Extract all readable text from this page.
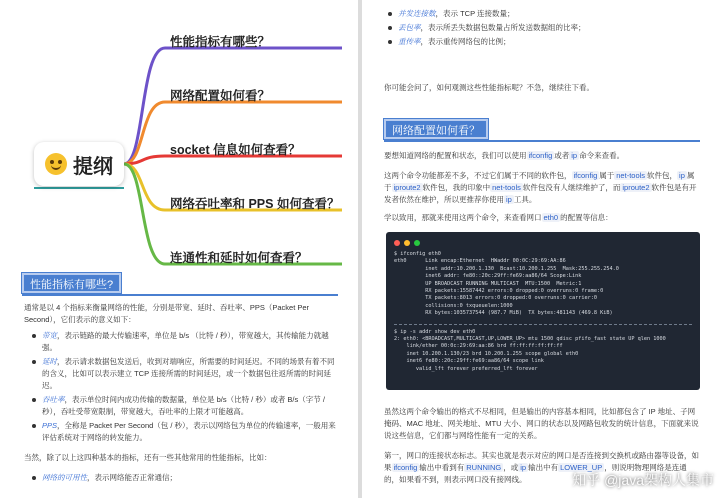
提纲
性能指标有哪些？
网络配置如何看？
socket 信息如何查看？
网络吞吐率和 PPS 如何查看？
连通性和延时如何查看？
性能指标有哪些?

通常是以 4 个指标来衡量网络的性能，分别是带宽、延时、吞吐率、PPS（Packet Per Second），它们表示的意义如下：

带宽，表示链路的最大传输速率，单位是 b/s （比特 / 秒），带宽越大，其传输能力就越强。
延时，表示请求数据包发送后，收到对端响应，所需要的时间延迟。不同的场景有着不同的含义，比如可以表示建立 TCP 连接所需的时间延迟，或一个数据包往返所需的时间延迟。
吞吐率，表示单位时间内成功传输的数据量，单位是 b/s（比特 / 秒）或者 B/s（字节 / 秒），吞吐受带宽限制，带宽越大，吞吐率的上限才可能越高。
PPS，全称是 Packet Per Second（包 / 秒），表示以网络包为单位的传输速率，一般用来评估系统对于网络的转发能力。

当然，除了以上这四种基本的指标，还有一些其他常用的性能指标，比如：

网络的可用性，表示网络能否正常通信；
并发连接数，表示 TCP 连接数量；
丢包率，表示所丢失数据包数量占所发送数据组的比率；
重传率，表示重传网络包的比例；

你可能会问了，如何观测这些性能指标呢？不急，继续往下看。

网络配置如何看？

要想知道网络的配置和状态，我们可以使用 ifconfig 或者 ip 命令来查看。

这两个命令功能都差不多，不过它们属于不同的软件包， ifconfig 属于 net-tools 软件包， ip 属于 iproute2 软件包，我的印象中 net-tools 软件包没有人继续维护了，而 iproute2 软件包是有开发者依然在维护，所以更推荐你使用 ip 工具。

学以致用，那就来使用这两个命令，来查看网口 eth0 的配置等信息：

$ ifconfig eth0
eth0      Link encap:Ethernet  HWaddr 00:0C:29:69:AA:86
inet addr:10.200.1.130  Bcast:10.200.1.255  Mask:255.255.254.0
inet6 addr: fe80::20c:29ff:fe69:aa86/64 Scope:Link
UP BROADCAST RUNNING MULTICAST  MTU:1500  Metric:1
RX packets:15587442 errors:0 dropped:0 overruns:0 frame:0
TX packets:8013 errors:0 dropped:0 overruns:0 carrier:0
collisions:0 txqueuelen:1000
RX bytes:1035737544 (987.7 MiB)  TX bytes:481143 (469.8 KiB)
$ ip -s addr show dev eth0
2: eth0: <BROADCAST,MULTICAST,UP,LOWER_UP> mtu 1500 qdisc pfifo_fast state UP qlen 1000
link/ether 00:0c:29:69:aa:86 brd ff:ff:ff:ff:ff:ff
inet 10.200.1.130/23 brd 10.200.1.255 scope global eth0
inet6 fe80::20c:29ff:fe69:aa86/64 scope link
valid_lft forever preferred_lft forever

虽然这两个命令输出的格式不尽相同，但是输出的内容基本相同，比如都包含了 IP 地址、子网掩码、MAC 地址、网关地址、MTU 大小、网口的状态以及网路包收发的统计信息，下面就来说说这些信息，它们都与网络性能有一定的关系。

第一，网口的连接状态标志。其实也就是表示对应的网口是否连接到交换机或路由器等设备，如果 ifconfig 输出中看到有 RUNNING ，或 ip 输出中有 LOWER_UP ，则说明物理网络是连通的，如果看不到，则表示网口没有接网线。	知乎 @java架构人集市
